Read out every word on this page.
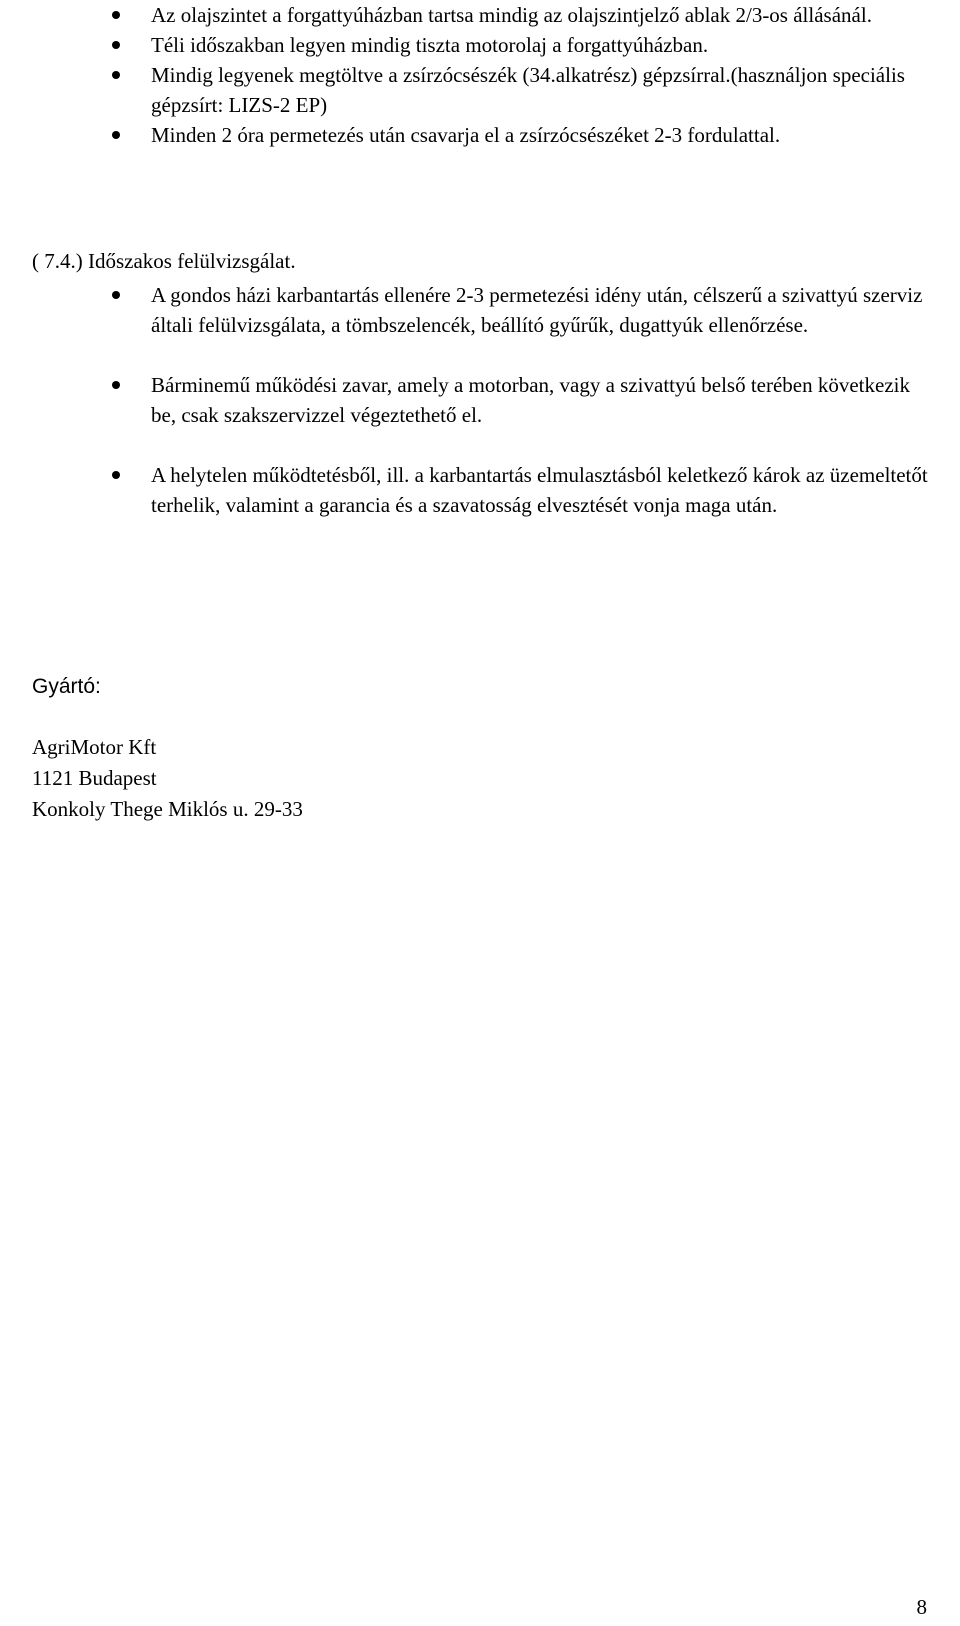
Az olajszintet a forgattyúházban tartsa mindig az olajszintjelző ablak 2/3-os állásánál.
Téli időszakban legyen mindig tiszta motorolaj a forgattyúházban.
Mindig legyenek megtöltve a zsírzócsészék (34.alkatrész) gépzsírral.(használjon speciális gépzsírt: LIZS-2 EP)
Minden 2 óra permetezés után csavarja el a zsírzócsészéket 2-3 fordulattal.
( 7.4.) Időszakos felülvizsgálat.
A gondos házi karbantartás ellenére 2-3 permetezési idény után, célszerű a szivattyú szerviz általi felülvizsgálata, a tömbszelencék, beállító gyűrűk, dugattyúk ellenőrzése.
Bárminemű működési zavar, amely a motorban, vagy a szivattyú belső terében következik be, csak szakszervizzel végeztethető el.
A helytelen működtetésből, ill. a karbantartás elmulasztásból keletkező károk az üzemeltetőt terhelik, valamint a garancia és a szavatosság elvesztését vonja maga után.
Gyártó:
AgriMotor Kft
1121 Budapest
Konkoly Thege Miklós u. 29-33
8
